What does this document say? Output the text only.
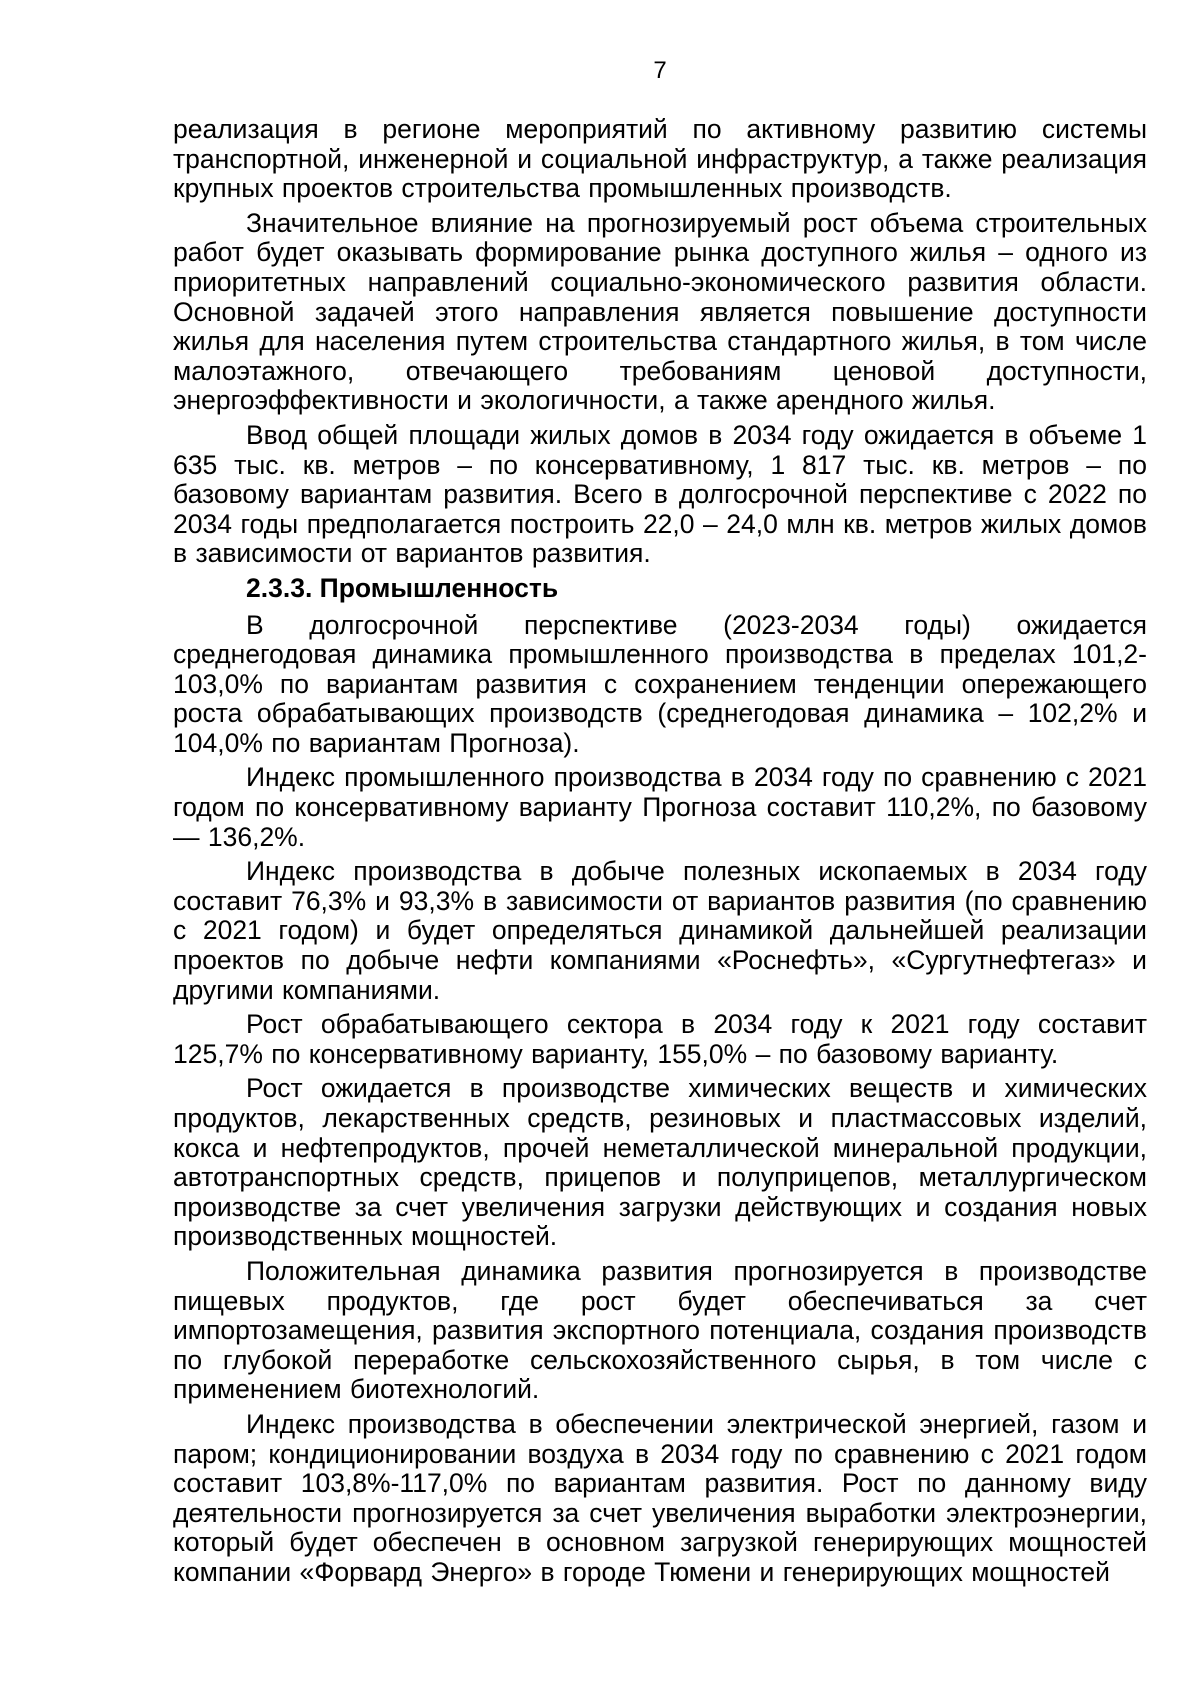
7

реализация в регионе мероприятий по активному развитию системы транспортной, инженерной и социальной инфраструктур, а также реализация крупных проектов строительства промышленных производств.

Значительное влияние на прогнозируемый рост объема строительных работ будет оказывать формирование рынка доступного жилья – одного из приоритетных направлений социально-экономического развития области. Основной задачей этого направления является повышение доступности жилья для населения путем строительства стандартного жилья, в том числе малоэтажного, отвечающего требованиям ценовой доступности, энергоэффективности и экологичности, а также арендного жилья.

Ввод общей площади жилых домов в 2034 году ожидается в объеме 1 635 тыс. кв. метров – по консервативному, 1 817 тыс. кв. метров – по базовому вариантам развития. Всего в долгосрочной перспективе с 2022 по 2034 годы предполагается построить 22,0 – 24,0 млн кв. метров жилых домов в зависимости от вариантов развития.

2.3.3. Промышленность

В долгосрочной перспективе (2023-2034 годы) ожидается среднегодовая динамика промышленного производства в пределах 101,2-103,0% по вариантам развития с сохранением тенденции опережающего роста обрабатывающих производств (среднегодовая динамика – 102,2% и 104,0% по вариантам Прогноза).

Индекс промышленного производства в 2034 году по сравнению с 2021 годом по консервативному варианту Прогноза составит 110,2%, по базовому — 136,2%.

Индекс производства в добыче полезных ископаемых в 2034 году составит 76,3% и 93,3% в зависимости от вариантов развития (по сравнению с 2021 годом) и будет определяться динамикой дальнейшей реализации проектов по добыче нефти компаниями «Роснефть», «Сургутнефтегаз» и другими компаниями.

Рост обрабатывающего сектора в 2034 году к 2021 году составит 125,7% по консервативному варианту, 155,0% – по базовому варианту.

Рост ожидается в производстве химических веществ и химических продуктов, лекарственных средств, резиновых и пластмассовых изделий, кокса и нефтепродуктов, прочей неметаллической минеральной продукции, автотранспортных средств, прицепов и полуприцепов, металлургическом производстве за счет увеличения загрузки действующих и создания новых производственных мощностей.

Положительная динамика развития прогнозируется в производстве пищевых продуктов, где рост будет обеспечиваться за счет импортозамещения, развития экспортного потенциала, создания производств по глубокой переработке сельскохозяйственного сырья, в том числе с применением биотехнологий.

Индекс производства в обеспечении электрической энергией, газом и паром; кондиционировании воздуха в 2034 году по сравнению с 2021 годом составит 103,8%-117,0% по вариантам развития. Рост по данному виду деятельности прогнозируется за счет увеличения выработки электроэнергии, который будет обеспечен в основном загрузкой генерирующих мощностей компании «Форвард Энерго» в городе Тюмени и генерирующих мощностей
